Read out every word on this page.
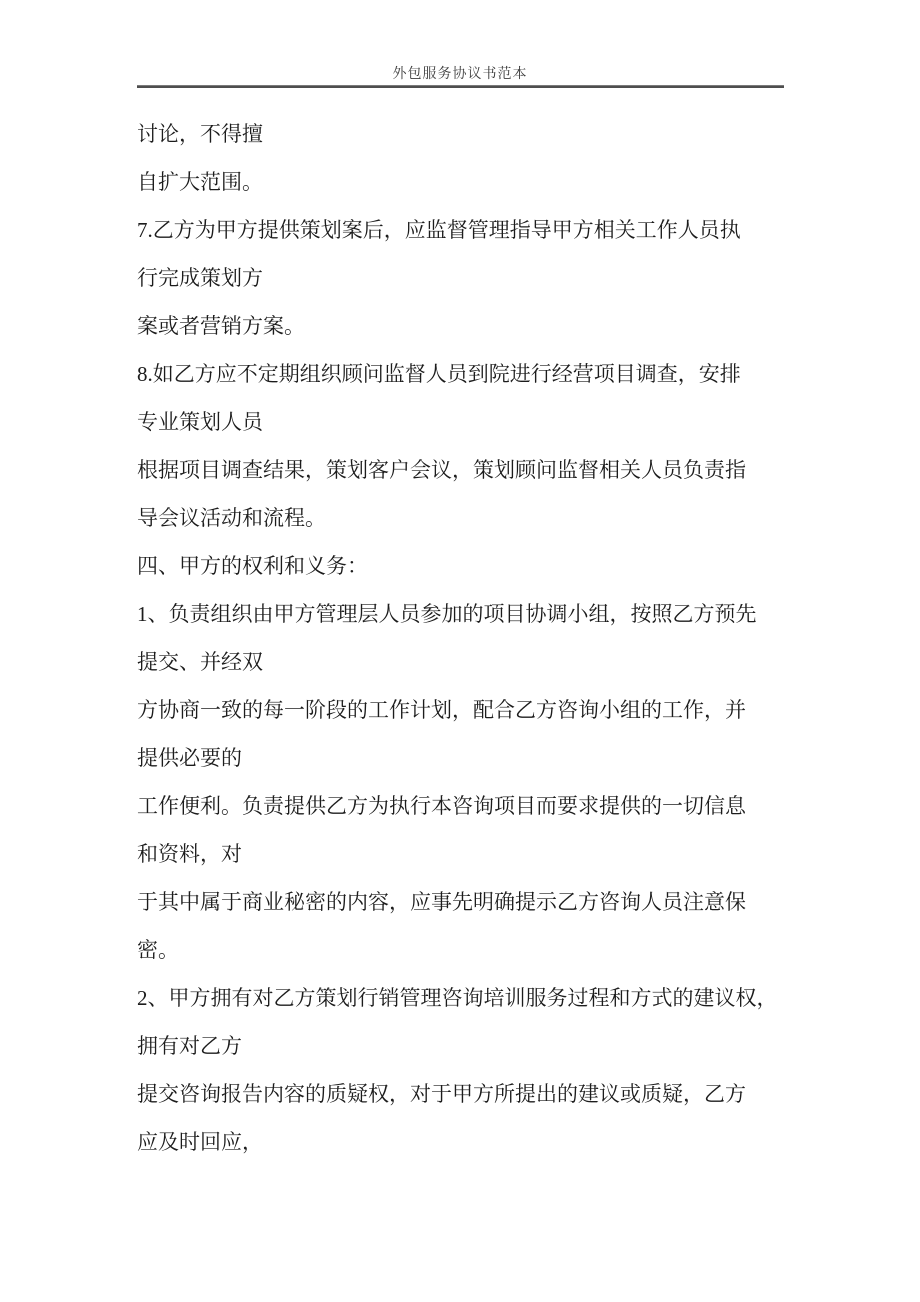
外包服务协议书范本

讨论，不得擅

自扩大范围。

7.乙方为甲方提供策划案后，应监督管理指导甲方相关工作人员执

行完成策划方

案或者营销方案。

8.如乙方应不定期组织顾问监督人员到院进行经营项目调查，安排

专业策划人员

根据项目调查结果，策划客户会议，策划顾问监督相关人员负责指

导会议活动和流程。

四、甲方的权利和义务：

1、负责组织由甲方管理层人员参加的项目协调小组，按照乙方预先

提交、并经双

方协商一致的每一阶段的工作计划，配合乙方咨询小组的工作，并

提供必要的

工作便利。负责提供乙方为执行本咨询项目而要求提供的一切信息

和资料，对

于其中属于商业秘密的内容，应事先明确提示乙方咨询人员注意保

密。

2、甲方拥有对乙方策划行销管理咨询培训服务过程和方式的建议权，

拥有对乙方

提交咨询报告内容的质疑权，对于甲方所提出的建议或质疑，乙方

应及时回应，
